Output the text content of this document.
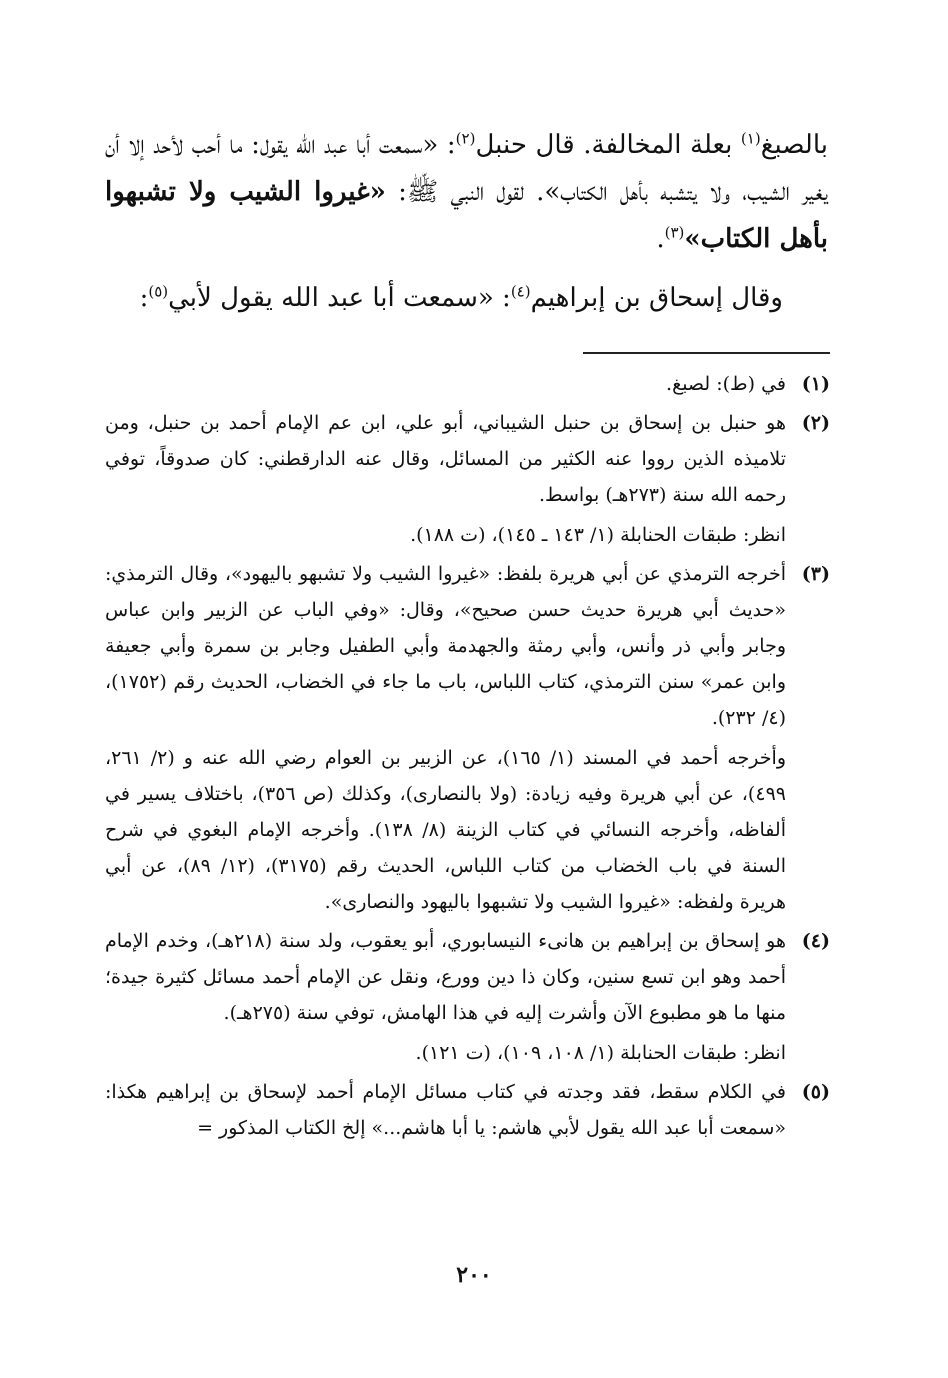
بالصبغ$^{(١)}$ بعلة المخالفة. قال حنبل$^{(٢)}$: «سمعت أبا عبد الله يقول: ما أحب لأحد إلا أن يغير الشيب، ولا يتشبه بأهل الكتاب». لقول النبي ﷺ: «غيروا الشيب ولا تشبهوا بأهل الكتاب»$^{(٣)}$.

وقال إسحاق بن إبراهيم$^{(٤)}$: «سمعت أبا عبد الله يقول لأبي$^{(٥)}$:

(١)

في (ط): لصبغ.

(٢)

هو حنبل بن إسحاق بن حنبل الشيباني، أبو علي، ابن عم الإمام أحمد بن حنبل، ومن تلاميذه الذين رووا عنه الكثير من المسائل، وقال عنه الدارقطني: كان صدوقاً، توفي رحمه الله سنة (٢٧٣هـ) بواسط.

انظر: طبقات الحنابلة (١/ ١٤٣ ـ ١٤٥)، (ت ١٨٨).

(٣)

أخرجه الترمذي عن أبي هريرة بلفظ: «غيروا الشيب ولا تشبهو باليهود»، وقال الترمذي: «حديث أبي هريرة حديث حسن صحيح»، وقال: «وفي الباب عن الزبير وابن عباس وجابر وأبي ذر وأنس، وأبي رمثة والجهدمة وأبي الطفيل وجابر بن سمرة وأبي جعيفة وابن عمر» سنن الترمذي، كتاب اللباس، باب ما جاء في الخضاب، الحديث رقم (١٧٥٢)، (٤/ ٢٣٢).

وأخرجه أحمد في المسند (١/ ١٦٥)، عن الزبير بن العوام رضي الله عنه و (٢/ ٢٦١، ٤٩٩)، عن أبي هريرة وفيه زيادة: (ولا بالنصارى)، وكذلك (ص ٣٥٦)، باختلاف يسير في ألفاظه، وأخرجه النسائي في كتاب الزينة (٨/ ١٣٨). وأخرجه الإمام البغوي في شرح السنة في باب الخضاب من كتاب اللباس، الحديث رقم (٣١٧٥)، (١٢/ ٨٩)، عن أبي هريرة ولفظه: «غيروا الشيب ولا تشبهوا باليهود والنصارى».

(٤)

هو إسحاق بن إبراهيم بن هانىء النيسابوري، أبو يعقوب، ولد سنة (٢١٨هـ)، وخدم الإمام أحمد وهو ابن تسع سنين، وكان ذا دين وورع، ونقل عن الإمام أحمد مسائل كثيرة جيدة؛ منها ما هو مطبوع الآن وأشرت إليه في هذا الهامش، توفي سنة (٢٧٥هـ).

انظر: طبقات الحنابلة (١/ ١٠٨، ١٠٩)، (ت ١٢١).

(٥)

في الكلام سقط، فقد وجدته في كتاب مسائل الإمام أحمد لإسحاق بن إبراهيم هكذا: «سمعت أبا عبد الله يقول لأبي هاشم: يا أبا هاشم...» إلخ الكتاب المذكور =

٢٠٠
